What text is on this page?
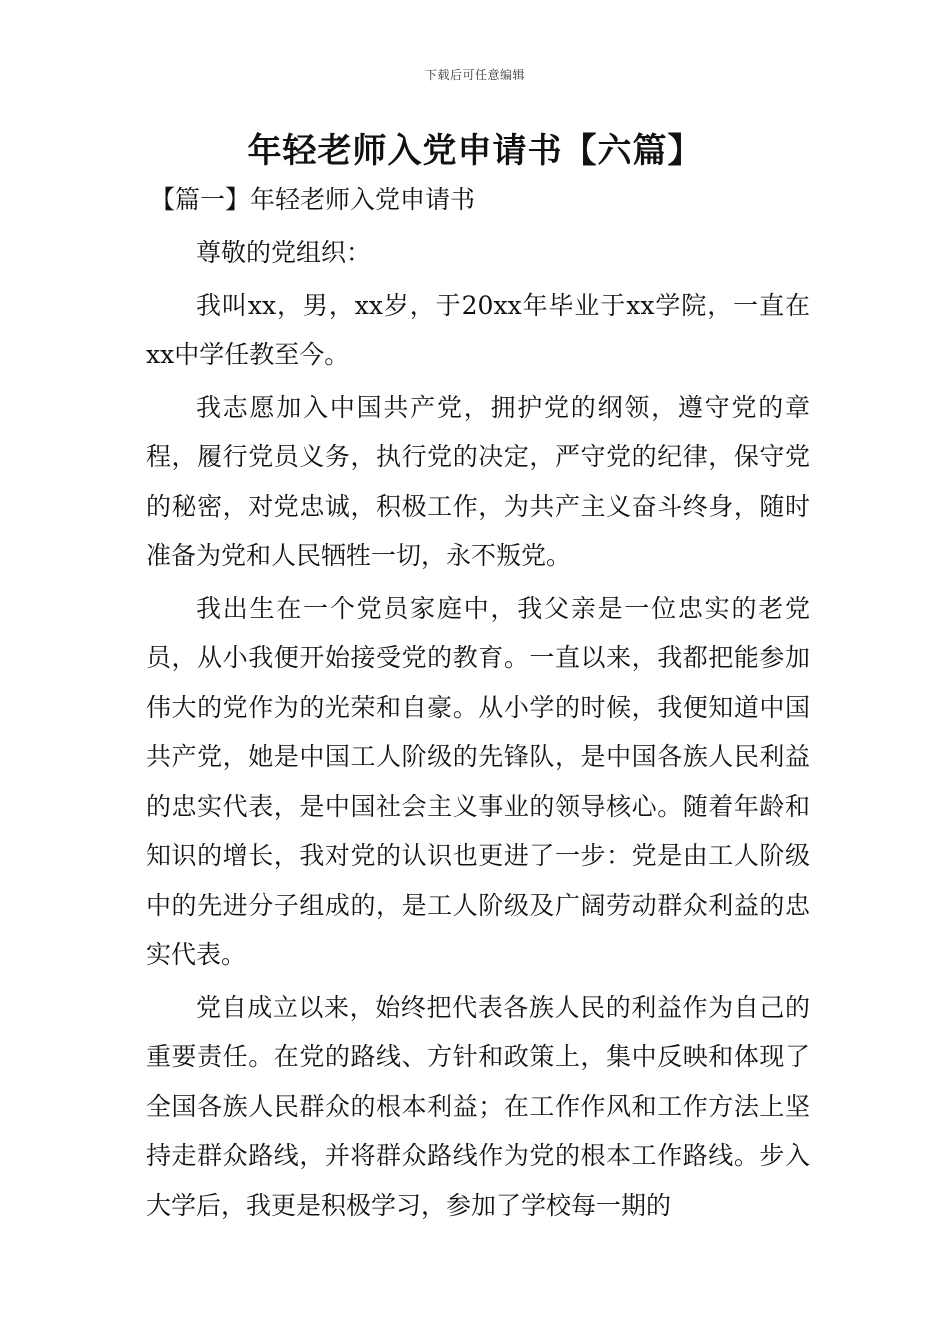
下载后可任意编辑
年轻老师入党申请书【六篇】
【篇一】年轻老师入党申请书

尊敬的党组织：

我叫xx，男，xx岁，于20xx年毕业于xx学院，一直在xx中学任教至今。

我志愿加入中国共产党，拥护党的纲领，遵守党的章程，履行党员义务，执行党的决定，严守党的纪律，保守党的秘密，对党忠诚，积极工作，为共产主义奋斗终身，随时准备为党和人民牺牲一切，永不叛党。

我出生在一个党员家庭中，我父亲是一位忠实的老党员，从小我便开始接受党的教育。一直以来，我都把能参加伟大的党作为的光荣和自豪。从小学的时候，我便知道中国共产党，她是中国工人阶级的先锋队，是中国各族人民利益的忠实代表，是中国社会主义事业的领导核心。随着年龄和知识的增长，我对党的认识也更进了一步：党是由工人阶级中的先进分子组成的，是工人阶级及广阔劳动群众利益的忠实代表。

党自成立以来，始终把代表各族人民的利益作为自己的重要责任。在党的路线、方针和政策上，集中反映和体现了全国各族人民群众的根本利益；在工作作风和工作方法上坚持走群众路线，并将群众路线作为党的根本工作路线。步入大学后，我更是积极学习，参加了学校每一期的
